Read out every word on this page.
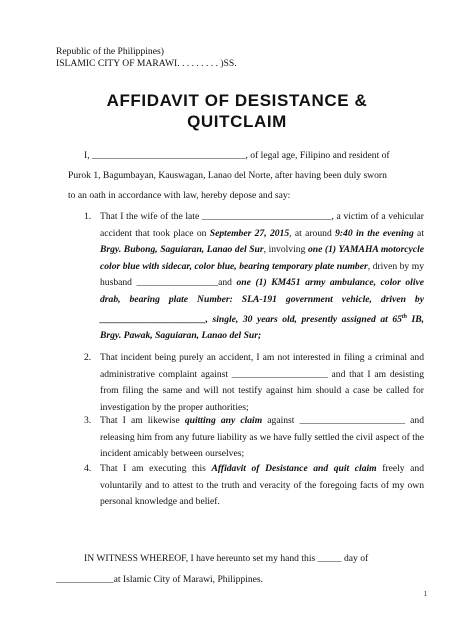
Republic of the Philippines)
ISLAMIC CITY OF MARAWI. . . . . . . . . )SS.
AFFIDAVIT OF DESISTANCE &
QUITCLAIM

I, ________________________________, of legal age, Filipino and resident of

Purok 1, Bagumbayan, Kauswagan, Lanao del Norte, after having been duly sworn

to an oath in accordance with law, hereby depose and say:

1. That I the wife of the late ___________________________, a victim of a vehicular accident that took place on September 27, 2015, at around 9:40 in the evening at Brgy. Bubong, Saguiaran, Lanao del Sur, involving one (1) YAMAHA motorcycle color blue with sidecar, color blue, bearing temporary plate number, driven by my husband _________________and one (1) KM451 army ambulance, color olive drab, bearing plate Number: SLA-191 government vehicle, driven by ______________________, single, 30 years old, presently assigned at 65th IB, Brgy. Pawak, Saguiaran, Lanao del Sur;
2. That incident being purely an accident, I am not interested in filing a criminal and administrative complaint against ____________________ and that I am desisting from filing the same and will not testify against him should a case be called for investigation by the proper authorities;
3. That I am likewise quitting any claim against ______________________ and releasing him from any future liability as we have fully settled the civil aspect of the incident amicably between ourselves;
4. That I am executing this Affidavit of Desistance and quit claim freely and voluntarily and to attest to the truth and veracity of the foregoing facts of my own personal knowledge and belief.
IN WITNESS WHEREOF, I have hereunto set my hand this _____ day of
____________at Islamic City of Marawi, Philippines.
1
